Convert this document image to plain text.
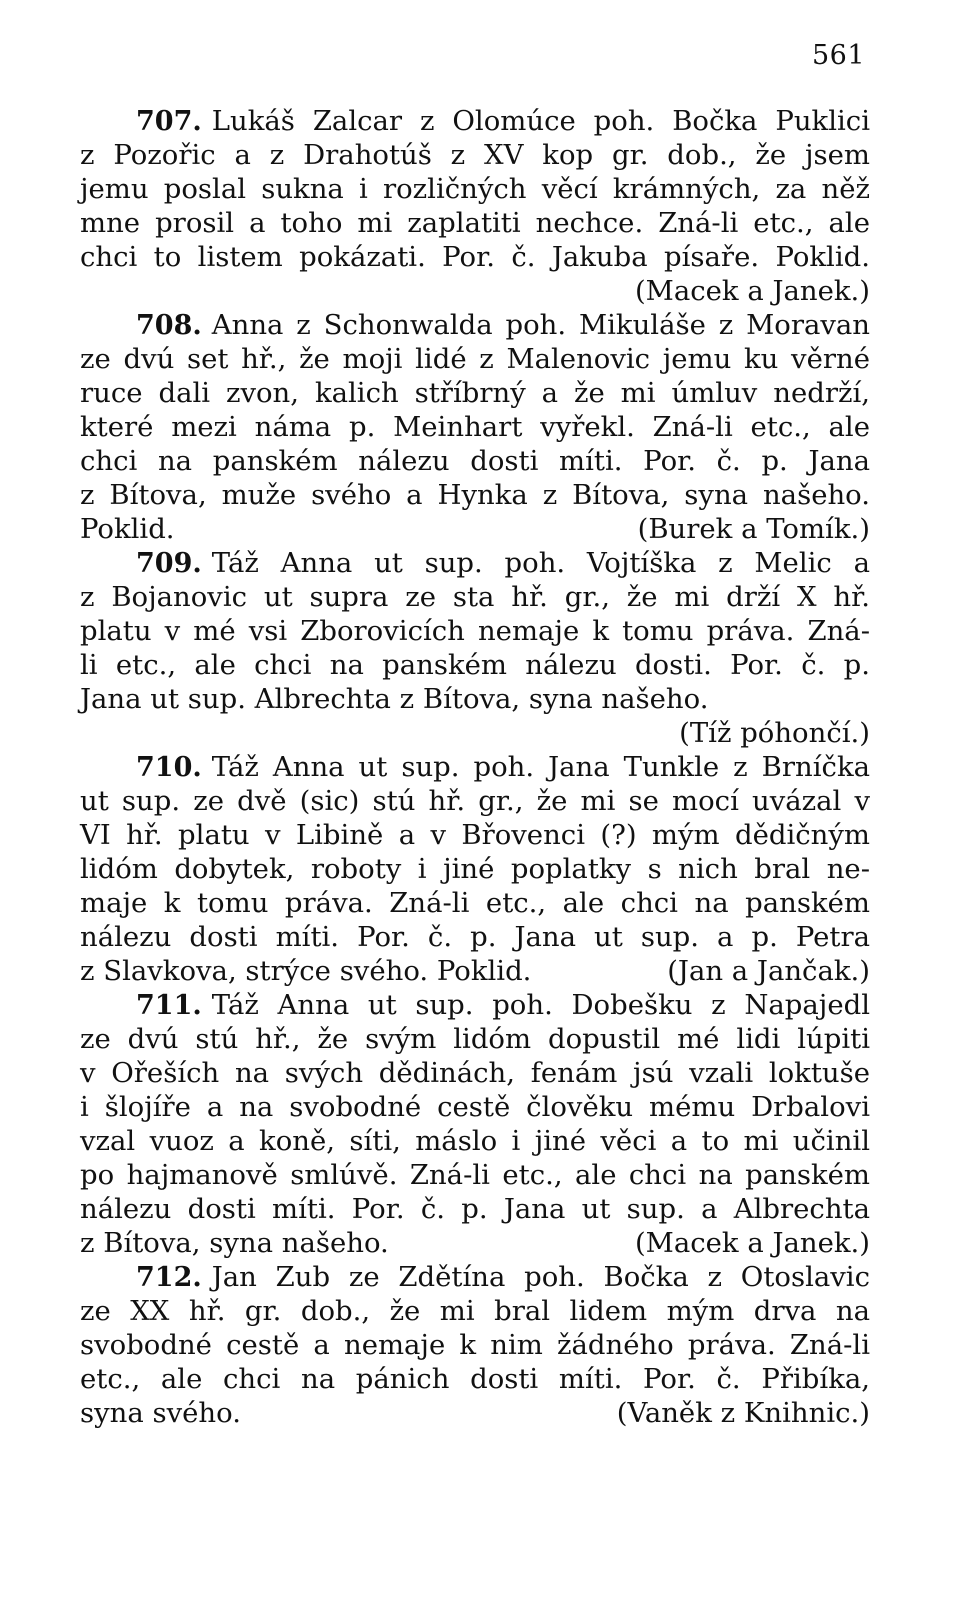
561
707. Lukáš Zalcar z Olomúce poh. Bočka Puklici
z Pozořic a z Drahotúš z XV kop gr. dob., že jsem
jemu poslal sukna i rozličných věcí krámných, za něž
mne prosil a toho mi zaplatiti nechce. Zná-li etc., ale
chci to listem pokázati. Por. č. Jakuba písaře. Poklid.
(Macek a Janek.)
708. Anna z Schonwalda poh. Mikuláše z Moravan
ze dvú set hř., že moji lidé z Malenovic jemu ku věrné
ruce dali zvon, kalich stříbrný a že mi úmluv nedrží,
které mezi náma p. Meinhart vyřekl. Zná-li etc., ale
chci na panském nálezu dosti míti. Por. č. p. Jana
z Bítova, muže svého a Hynka z Bítova, syna našeho.
Poklid.	(Burek a Tomík.)
709. Táž Anna ut sup. poh. Vojtíška z Melic a
z Bojanovic ut supra ze sta hř. gr., že mi drží X hř.
platu v mé vsi Zborovicích nemaje k tomu práva. Zná-
li etc., ale chci na panském nálezu dosti. Por. č. p.
Jana ut sup. Albrechta z Bítova, syna našeho.
(Tíž póhončí.)
710. Táž Anna ut sup. poh. Jana Tunkle z Brníčka
ut sup. ze dvě (sic) stú hř. gr., že mi se mocí uvázal v
VI hř. platu v Libině a v Břovenci (?) mým dědičným
lidóm dobytek, roboty i jiné poplatky s nich bral ne-
maje k tomu práva. Zná-li etc., ale chci na panském
nálezu dosti míti. Por. č. p. Jana ut sup. a p. Petra
z Slavkova, strýce svého. Poklid.	(Jan a Jančak.)
711. Táž Anna ut sup. poh. Dobešku z Napajedl
ze dvú stú hř., že svým lidóm dopustil mé lidi lúpiti
v Ořeších na svých dědinách, fenám jsú vzali loktuše
i šlojíře a na svobodné cestě člověku mému Drbalovi
vzal vuoz a koně, síti, máslo i jiné věci a to mi učinil
po hajmanově smlúvě. Zná-li etc., ale chci na panském
nálezu dosti míti. Por. č. p. Jana ut sup. a Albrechta
z Bítova, syna našeho.	(Macek a Janek.)
712. Jan Zub ze Zdětína poh. Bočka z Otoslavic
ze XX hř. gr. dob., že mi bral lidem mým drva na
svobodné cestě a nemaje k nim žádného práva. Zná-li
etc., ale chci na pánich dosti míti. Por. č. Přibíka,
syna svého.	(Vaněk z Knihnic.)
